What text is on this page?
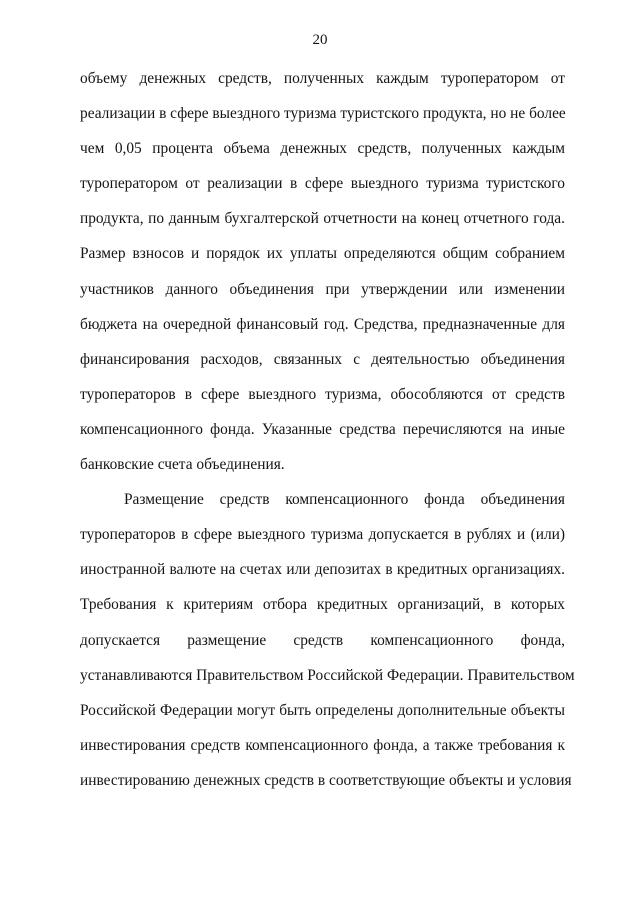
20
объему денежных средств, полученных каждым туроператором от
реализации в сфере выездного туризма туристского продукта, но не более
чем 0,05 процента объема денежных средств, полученных каждым
туроператором от реализации в сфере выездного туризма туристского
продукта, по данным бухгалтерской отчетности на конец отчетного года.
Размер взносов и порядок их уплаты определяются общим собранием
участников данного объединения при утверждении или изменении
бюджета на очередной финансовый год. Средства, предназначенные для
финансирования расходов, связанных с деятельностью объединения
туроператоров в сфере выездного туризма, обособляются от средств
компенсационного фонда. Указанные средства перечисляются на иные
банковские счета объединения.
Размещение средств компенсационного фонда объединения
туроператоров в сфере выездного туризма допускается в рублях и (или)
иностранной валюте на счетах или депозитах в кредитных организациях.
Требования к критериям отбора кредитных организаций, в которых
допускается размещение средств компенсационного фонда,
устанавливаются Правительством Российской Федерации. Правительством
Российской Федерации могут быть определены дополнительные объекты
инвестирования средств компенсационного фонда, а также требования к
инвестированию денежных средств в соответствующие объекты и условия
